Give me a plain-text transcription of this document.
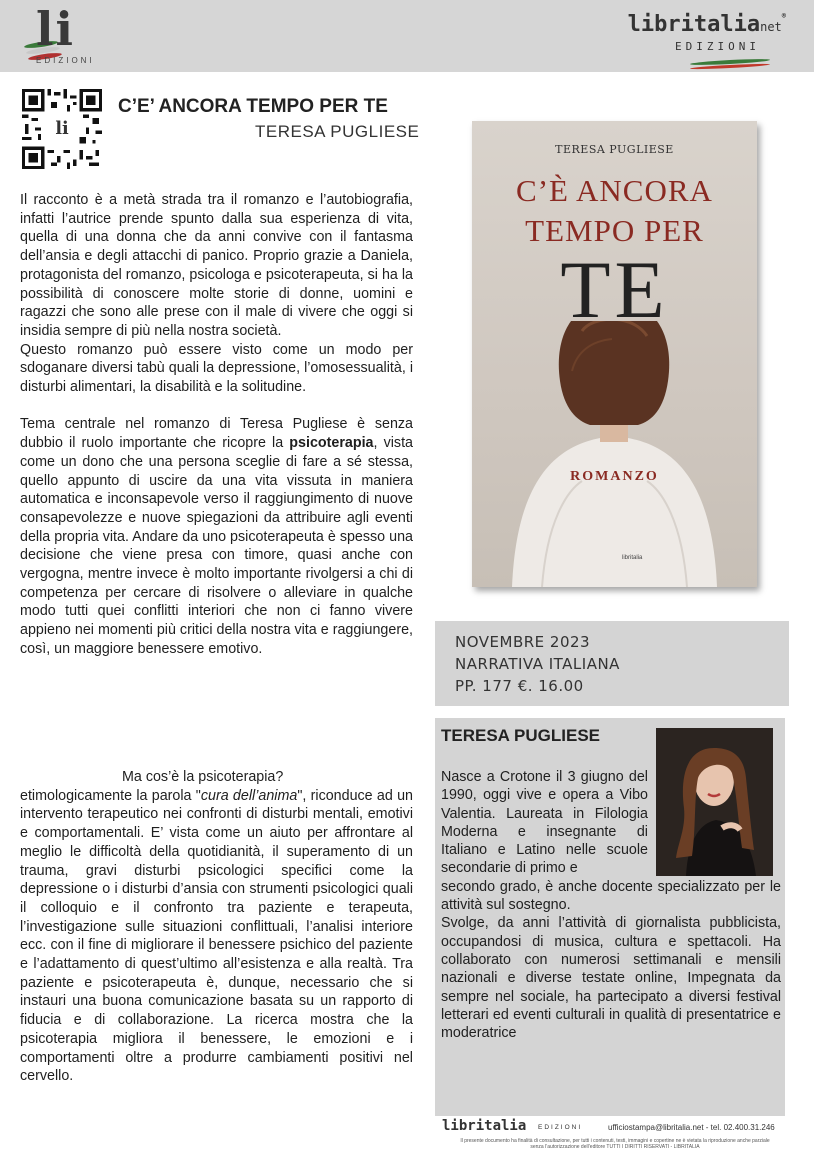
li
EDIZIONI
libritalianet®
EDIZIONI
li
C’E’ ANCORA TEMPO PER TE
TERESA PUGLIESE

Il racconto è a metà strada tra il romanzo e l’autobiografia, infatti l’autrice prende spunto dalla sua esperienza di vita, quella di una donna che da anni convive con il fantasma dell’ansia e degli attacchi di panico. Proprio grazie a Daniela, protagonista del romanzo, psicologa e psicoterapeuta, si ha la possibilità di conoscere molte storie di donne, uomini e ragazzi che sono alle prese con il male di vivere che oggi si insidia sempre di più nella nostra società.

Questo romanzo può essere visto come un modo per sdoganare diversi tabù quali la depressione, l’omosessualità, i disturbi alimentari, la disabilità e la solitudine.

Tema centrale nel romanzo di Teresa Pugliese è senza dubbio il ruolo importante che ricopre la psicoterapia, vista come un dono che una persona sceglie di fare a sé stessa, quello appunto di uscire da una vita vissuta in maniera automatica e inconsapevole verso il raggiungimento di nuove consapevolezze e nuove spiegazioni da attribuire agli eventi della propria vita. Andare da uno psicoterapeuta è spesso una decisione che viene presa con timore, quasi anche con vergogna, mentre invece è molto importante rivolgersi a chi di competenza per cercare di risolvere o alleviare in qualche modo tutti quei conflitti interiori che non ci fanno vivere appieno nei momenti più critici della nostra vita e raggiungere, così, un maggiore benessere emotivo.

Ma cos’è la psicoterapia?

etimologicamente la parola "cura dell’anima", riconduce ad un intervento terapeutico nei confronti di disturbi mentali, emotivi e comportamentali. E’ vista come un aiuto per affrontare al meglio le difficoltà della quotidianità, il superamento di un trauma, gravi disturbi psicologici specifici come la depressione o i disturbi d’ansia con strumenti psicologici quali il colloquio e il confronto tra paziente e terapeuta, l’investigazione sulle situazioni conflittuali, l’analisi interiore ecc. con il fine di migliorare il benessere psichico del paziente e l’adattamento di quest’ultimo all’esistenza e alla realtà. Tra paziente e psicoterapeuta è, dunque, necessario che si instauri una buona comunicazione basata su un rapporto di fiducia e di collaborazione. La ricerca mostra che la psicoterapia migliora il benessere, le emozioni e i comportamenti oltre a produrre cambiamenti positivi nel cervello.

TERESA PUGLIESE
C’È ANCORA
TEMPO PER
TE
ROMANZO
libritalia
NOVEMBRE 2023
NARRATIVA ITALIANA
PP. 177 €. 16.00
TERESA PUGLIESE

Nasce a Crotone il 3 giugno del 1990, oggi vive e opera a Vibo Valentia. Laureata in Filologia Moderna e insegnante di Italiano e Latino nelle scuole secondarie di primo e

secondo grado, è anche docente specializzato per le attività sul sostegno.

Svolge, da anni l’attività di giornalista pubblicista, occupandosi di musica, cultura e spettacoli. Ha collaborato con numerosi settimanali e mensili nazionali e diverse testate online, Impegnata da sempre nel sociale, ha partecipato a diversi festival letterari ed eventi culturali in qualità di presentatrice e moderatrice

libritalia EDIZIONI	ufficiostampa@libritalia.net - tel. 02.400.31.246
Il presente documento ha finalità di consultazione, per tutti i contenuti, testi, immagini e copertine ne è vietata la riproduzione anche parziale
senza l’autorizzazione dell’editore TUTTI I DIRITTI RISERVATI - LIBRITALIA
